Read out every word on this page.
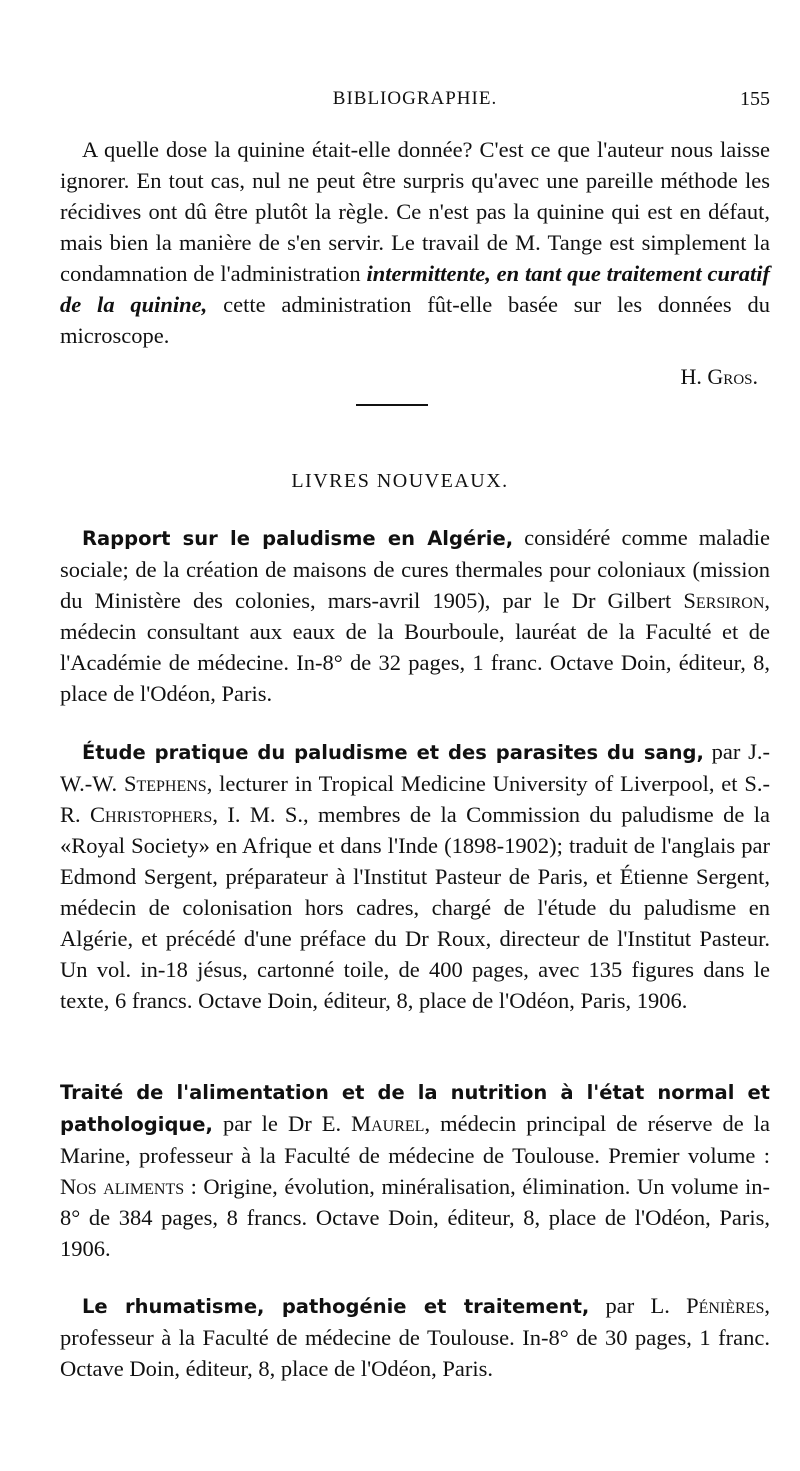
BIBLIOGRAPHIE.	155

A quelle dose la quinine était-elle donnée? C'est ce que l'auteur nous laisse ignorer. En tout cas, nul ne peut être surpris qu'avec une pareille méthode les récidives ont dû être plutôt la règle. Ce n'est pas la quinine qui est en défaut, mais bien la manière de s'en servir. Le travail de M. Tange est simplement la condamnation de l'administration intermittente, en tant que traitement curatif de la quinine, cette administration fût-elle basée sur les données du microscope.

H. Gros.
LIVRES NOUVEAUX.

Rapport sur le paludisme en Algérie, considéré comme maladie sociale; de la création de maisons de cures thermales pour coloniaux (mission du Ministère des colonies, mars-avril 1905), par le Dr Gilbert Sersiron, médecin consultant aux eaux de la Bourboule, lauréat de la Faculté et de l'Académie de médecine. In-8° de 32 pages, 1 franc. Octave Doin, éditeur, 8, place de l'Odéon, Paris.

Étude pratique du paludisme et des parasites du sang, par J.-W.-W. Stephens, lecturer in Tropical Medicine University of Liverpool, et S.-R. Christophers, I. M. S., membres de la Commission du paludisme de la «Royal Society» en Afrique et dans l'Inde (1898-1902); traduit de l'anglais par Edmond Sergent, préparateur à l'Institut Pasteur de Paris, et Étienne Sergent, médecin de colonisation hors cadres, chargé de l'étude du paludisme en Algérie, et précédé d'une préface du Dr Roux, directeur de l'Institut Pasteur. Un vol. in-18 jésus, cartonné toile, de 400 pages, avec 135 figures dans le texte, 6 francs. Octave Doin, éditeur, 8, place de l'Odéon, Paris, 1906.

Traité de l'alimentation et de la nutrition à l'état normal et pathologique, par le Dr E. Maurel, médecin principal de réserve de la Marine, professeur à la Faculté de médecine de Toulouse. Premier volume : Nos aliments : Origine, évolution, minéralisation, élimination. Un volume in-8° de 384 pages, 8 francs. Octave Doin, éditeur, 8, place de l'Odéon, Paris, 1906.

Le rhumatisme, pathogénie et traitement, par L. Pénières, professeur à la Faculté de médecine de Toulouse. In-8° de 30 pages, 1 franc. Octave Doin, éditeur, 8, place de l'Odéon, Paris.
